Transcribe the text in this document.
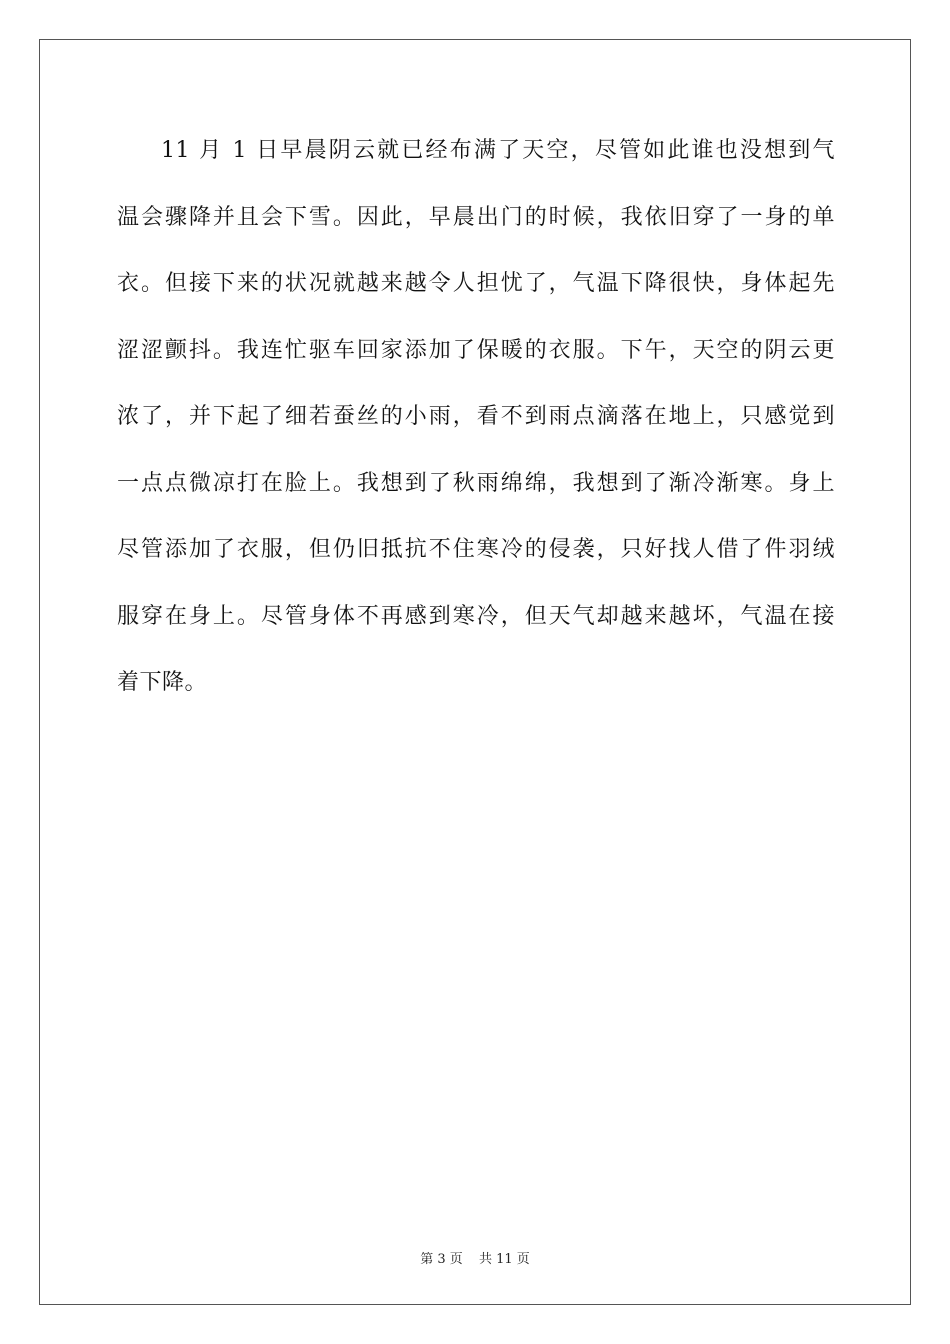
11 月 1 日早晨阴云就已经布满了天空，尽管如此谁也没想到气
温会骤降并且会下雪。因此，早晨出门的时候，我依旧穿了一身的单
衣。但接下来的状况就越来越令人担忧了，气温下降很快，身体起先
涩涩颤抖。我连忙驱车回家添加了保暖的衣服。下午，天空的阴云更
浓了，并下起了细若蚕丝的小雨，看不到雨点滴落在地上，只感觉到
一点点微凉打在脸上。我想到了秋雨绵绵，我想到了渐冷渐寒。身上
尽管添加了衣服，但仍旧抵抗不住寒冷的侵袭，只好找人借了件羽绒
服穿在身上。尽管身体不再感到寒冷，但天气却越来越坏，气温在接
着下降。
第 3 页 共 11 页
